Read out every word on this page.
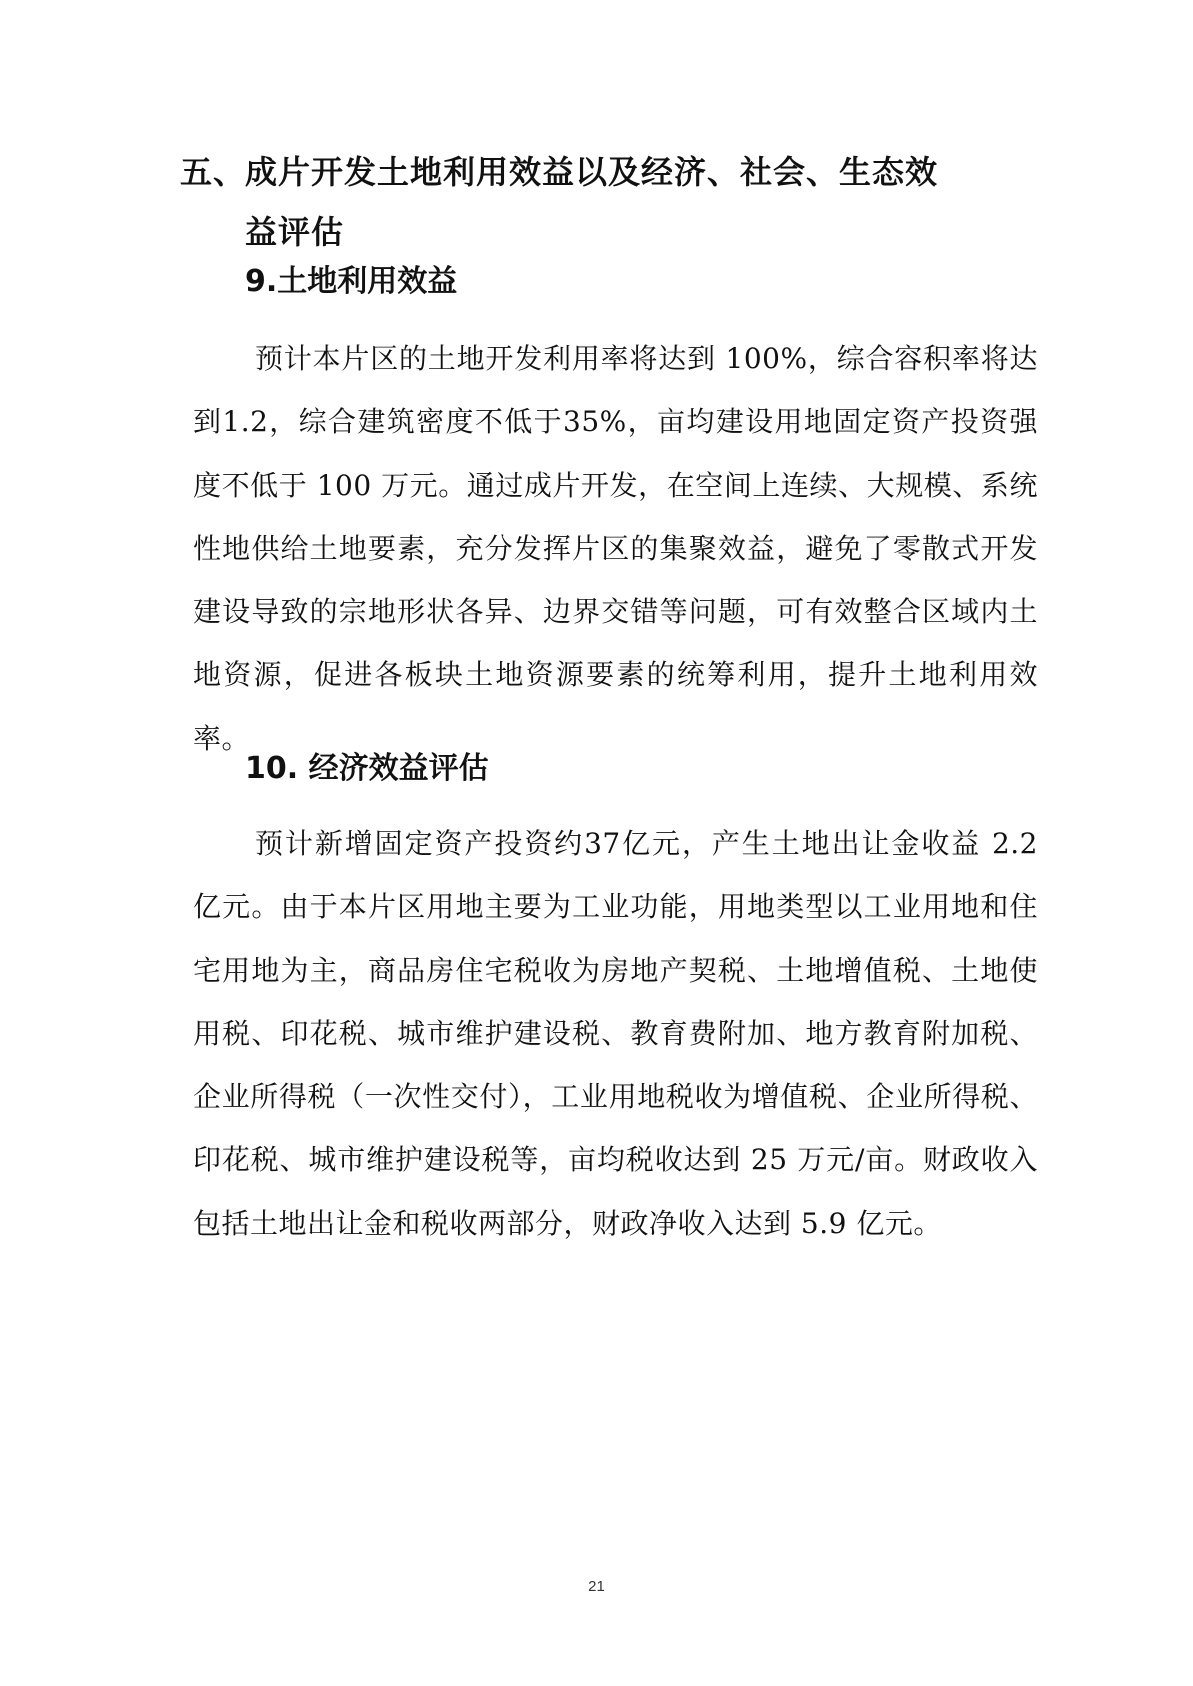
五、
成片开发土地利用效益以及经济、社会、生态效益评估
9.土地利用效益
预计本片区的土地开发利用率将达到 100%，综合容积率将达到1.2，综合建筑密度不低于35%，亩均建设用地固定资产投资强度不低于 100 万元。通过成片开发，在空间上连续、大规模、系统性地供给土地要素，充分发挥片区的集聚效益，避免了零散式开发建设导致的宗地形状各异、边界交错等问题，可有效整合区域内土地资源，促进各板块土地资源要素的统筹利用，提升土地利用效率。
10. 经济效益评估
预计新增固定资产投资约37亿元，产生土地出让金收益 2.2 亿元。由于本片区用地主要为工业功能，用地类型以工业用地和住宅用地为主，商品房住宅税收为房地产契税、土地增值税、土地使用税、印花税、城市维护建设税、教育费附加、地方教育附加税、企业所得税（一次性交付），工业用地税收为增值税、企业所得税、印花税、城市维护建设税等，亩均税收达到 25 万元/亩。财政收入包括土地出让金和税收两部分，财政净收入达到 5.9 亿元。
21
